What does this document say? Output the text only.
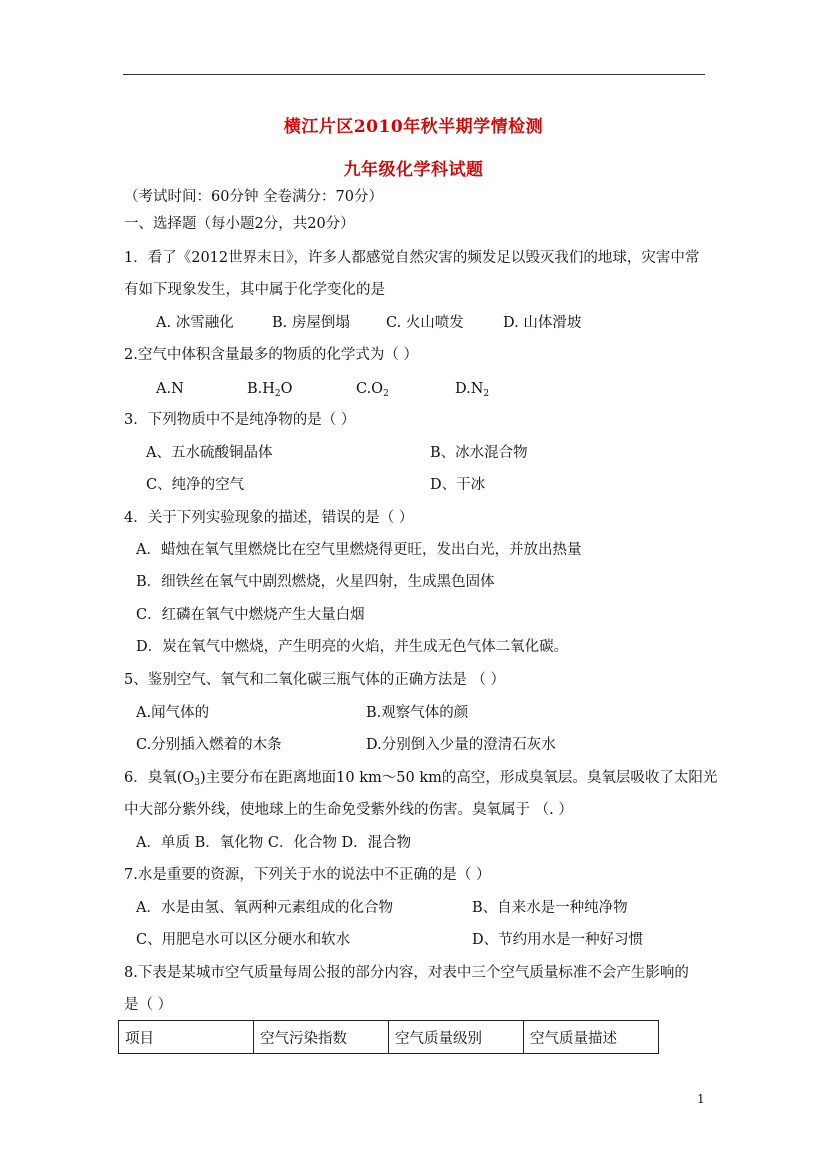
横江片区2010年秋半期学情检测
九年级化学科试题
（考试时间：60分钟 全卷满分：70分）
一、选择题（每小题2分，共20分）
1．看了《2012世界末日》，许多人都感觉自然灾害的频发足以毁灭我们的地球，灾害中常
有如下现象发生，其中属于化学变化的是
A. 冰雪融化	B. 房屋倒塌 C. 火山喷发	D. 山体滑坡
2.空气中体积含量最多的物质的化学式为（ ）
A.N	$B.H_2O$	$C.O_2$	$D.N_2$
3．下列物质中不是纯净物的是（ ）
A、五水硫酸铜晶体	B、冰水混合物
C、纯净的空气	D、干冰
4．关于下列实验现象的描述，错误的是（ ）
A．蜡烛在氧气里燃烧比在空气里燃烧得更旺，发出白光，并放出热量
B．细铁丝在氧气中剧烈燃烧，火星四射，生成黑色固体
C．红磷在氧气中燃烧产生大量白烟
D．炭在氧气中燃烧，产生明亮的火焰，并生成无色气体二氧化碳。
5、鉴别空气、氧气和二氧化碳三瓶气体的正确方法是 （ ）
A.闻气体的	B.观察气体的颜
C.分别插入燃着的木条	D.分别倒入少量的澄清石灰水
6．臭氧$(O_3)$主要分布在距离地面10 km～50 km的高空，形成臭氧层。臭氧层吸收了太阳光
中大部分紫外线，使地球上的生命免受紫外线的伤害。臭氧属于 （. ）
A．单质 B．氧化物 C．化合物 D．混合物
7.水是重要的资源，下列关于水的说法中不正确的是（ ）
A．水是由氢、氧两种元素组成的化合物	B、自来水是一种纯净物
C、用肥皂水可以区分硬水和软水	D、节约用水是一种好习惯
8.下表是某城市空气质量每周公报的部分内容，对表中三个空气质量标准不会产生影响的
是（ ）
项目	空气污染指数	空气质量级别	空气质量描述
1
